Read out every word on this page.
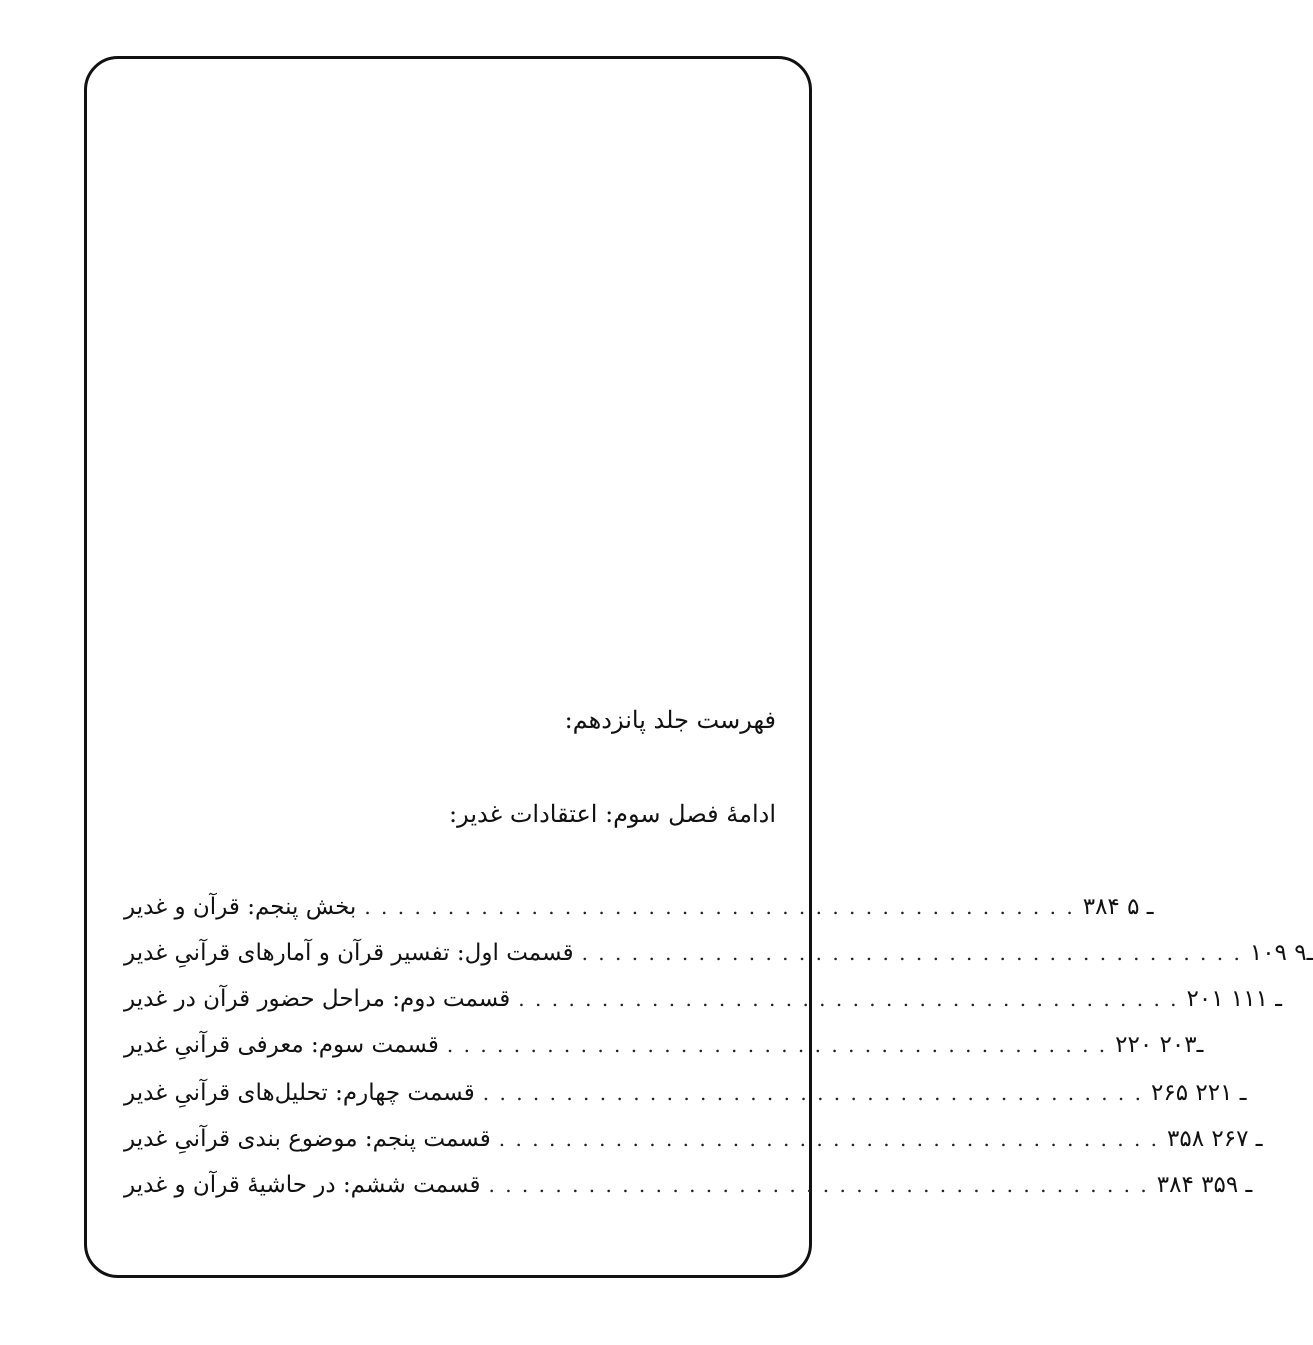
فهرست جلد پانزدهم:
ادامۀ فصل سوم: اعتقادات غدیر:
بخش پنجم: قرآن و غدیر . . . . . . . . . . . . . . . . . . . . . . . . . . . . . . . . . . . . . . . . . . . ۳۸۴ ـ ۵
قسمت اول: تفسیر قرآن و آمارهای قرآنیِ غدیر . . . . . . . . . . . . . . . . . . . . . . . . . . . . . . . . . . . . . . . . ۱۰۹ ـ۹
قسمت دوم: مراحل حضور قرآن در غدیر . . . . . . . . . . . . . . . . . . . . . . . . . . . . . . . . . . . . . . . . ۲۰۱ ـ ۱۱۱
قسمت سوم: معرفی قرآنیِ غدیر . . . . . . . . . . . . . . . . . . . . . . . . . . . . . . . . . . . . . . . . ۲۲۰ ـ۲۰۳
قسمت چهارم: تحلیل‌های قرآنیِ غدیر . . . . . . . . . . . . . . . . . . . . . . . . . . . . . . . . . . . . . . . . ۲۶۵ ـ ۲۲۱
قسمت پنجم: موضوع بندی قرآنیِ غدیر . . . . . . . . . . . . . . . . . . . . . . . . . . . . . . . . . . . . . . . . ۳۵۸ ـ ۲۶۷
قسمت ششم: در حاشیۀ قرآن و غدیر . . . . . . . . . . . . . . . . . . . . . . . . . . . . . . . . . . . . . . . . ۳۸۴ ـ ۳۵۹
